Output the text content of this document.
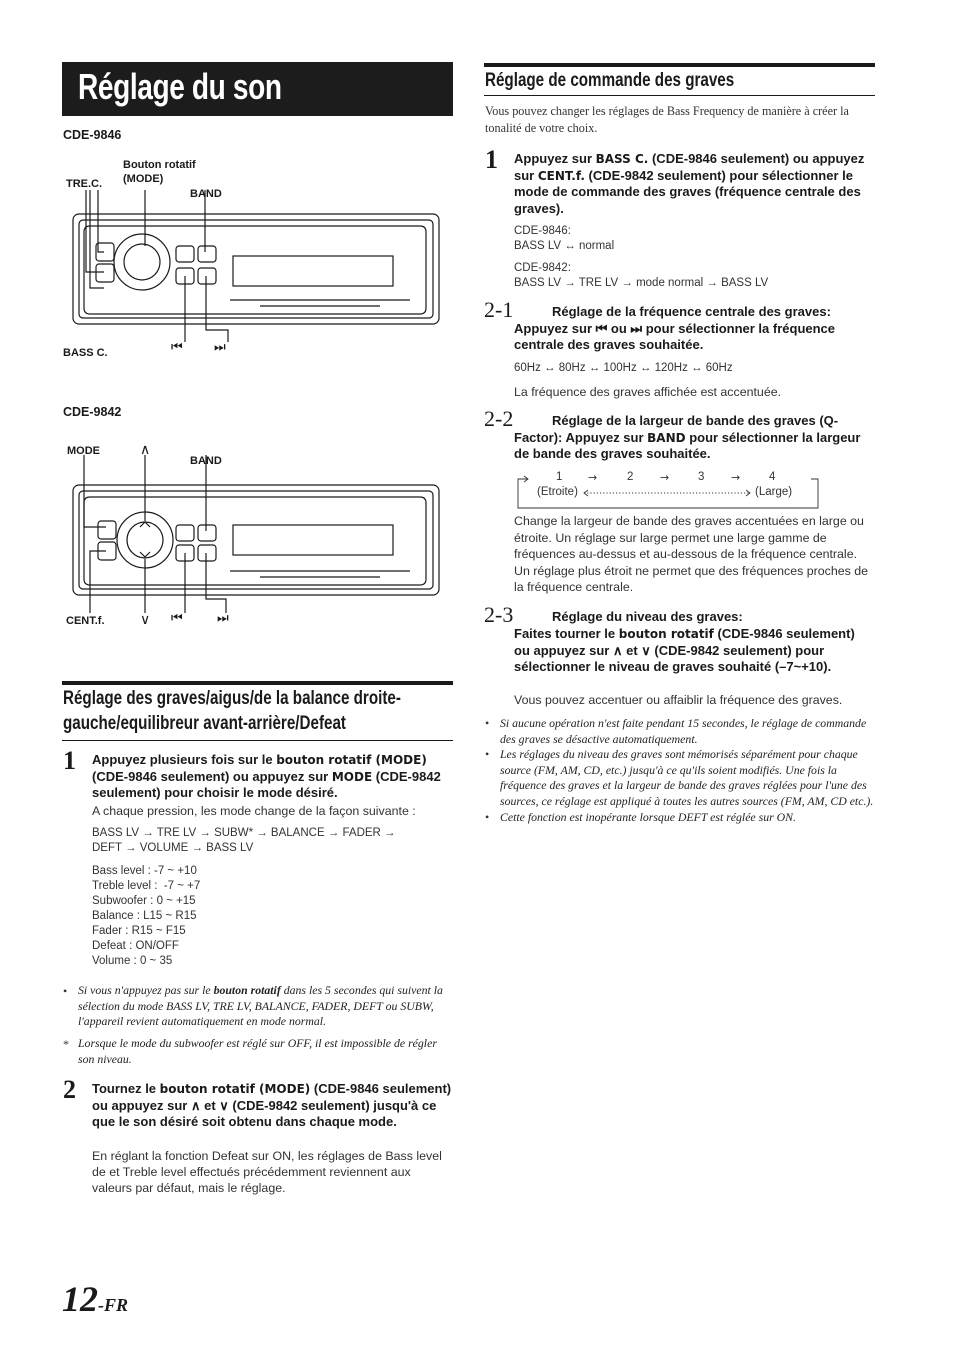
Réglage du son
CDE-9846
Bouton rotatif
(MODE)
TRE.C.
BAND
BASS C.	⏮ ⏭
CDE-9842
MODE	∧
BAND
CENT.f.	∨ ⏮	⏭
Réglage des graves/aigus/de la balance droite-
gauche/equilibreur avant-arrière/Defeat
1 Appuyez plusieurs fois sur le bouton rotatif (MODE) (CDE-9846 seulement) ou appuyez sur MODE (CDE-9842 seulement) pour choisir le mode désiré.
A chaque pression, les mode change de la façon suivante :
BASS LV → TRE LV → SUBW* → BALANCE → FADER →
DEFT → VOLUME → BASS LV
Bass level : -7 ~ +10
Treble level :  -7 ~ +7
Subwoofer : 0 ~ +15
Balance : L15 ~ R15
Fader : R15 ~ F15
Defeat : ON/OFF
Volume : 0 ~ 35
• Si vous n'appuyez pas sur le bouton rotatif dans les 5 secondes qui suivent la sélection du mode BASS LV, TRE LV, BALANCE, FADER, DEFT ou SUBW, l'appareil revient automatiquement en mode normal.
* Lorsque le mode du subwoofer est réglé sur OFF, il est impossible de régler son niveau.
2 Tournez le bouton rotatif (MODE) (CDE-9846 seulement) ou appuyez sur ∧ et ∨ (CDE-9842 seulement) jusqu'à ce que le son désiré soit obtenu dans chaque mode.
En réglant la fonction Defeat sur ON, les réglages de Bass level de et Treble level effectués précédemment reviennent aux valeurs par défaut, mais le réglage.
Réglage de commande des graves
Vous pouvez changer les réglages de Bass Frequency de manière à créer la tonalité de votre choix.
1 Appuyez sur BASS C. (CDE-9846 seulement) ou appuyez sur CENT.f. (CDE-9842 seulement) pour sélectionner le mode de commande des graves (fréquence centrale des graves).
CDE-9846:
BASS LV ↔ normal
CDE-9842:
BASS LV → TRE LV → mode normal → BASS LV
2-1	Réglage de la fréquence centrale des graves: Appuyez sur ⏮ ou ⏭ pour sélectionner la fréquence centrale des graves souhaitée.
60Hz ↔ 80Hz ↔ 100Hz ↔ 120Hz ↔ 60Hz
La fréquence des graves affichée est accentuée.
2-2	Réglage de la largeur de bande des graves (Q-Factor): Appuyez sur BAND pour sélectionner la largeur de bande des graves souhaitée.
→	→	→
1	2	3	4
(Etroite)	(Large)
Change la largeur de bande des graves accentuées en large ou étroite. Un réglage sur large permet une large gamme de fréquences au-dessus et au-dessous de la fréquence centrale. Un réglage plus étroit ne permet que des fréquences proches de la fréquence centrale.
2-3	Réglage du niveau des graves:
Faites tourner le bouton rotatif (CDE-9846 seulement) ou appuyez sur ∧ et ∨ (CDE-9842 seulement) pour sélectionner le niveau de graves souhaité (–7~+10).
Vous pouvez accentuer ou affaiblir la fréquence des graves.
• Si aucune opération n'est faite pendant 15 secondes, le réglage de commande des graves se désactive automatiquement.
• Les réglages du niveau des graves sont mémorisés séparément pour chaque source (FM, AM, CD, etc.) jusqu'à ce qu'ils soient modifiés. Une fois la fréquence des graves et la largeur de bande des graves réglées pour l'une des sources, ce réglage est appliqué à toutes les autres sources (FM, AM, CD etc.).
• Cette fonction est inopérante lorsque DEFT est réglée sur ON.
12-FR
